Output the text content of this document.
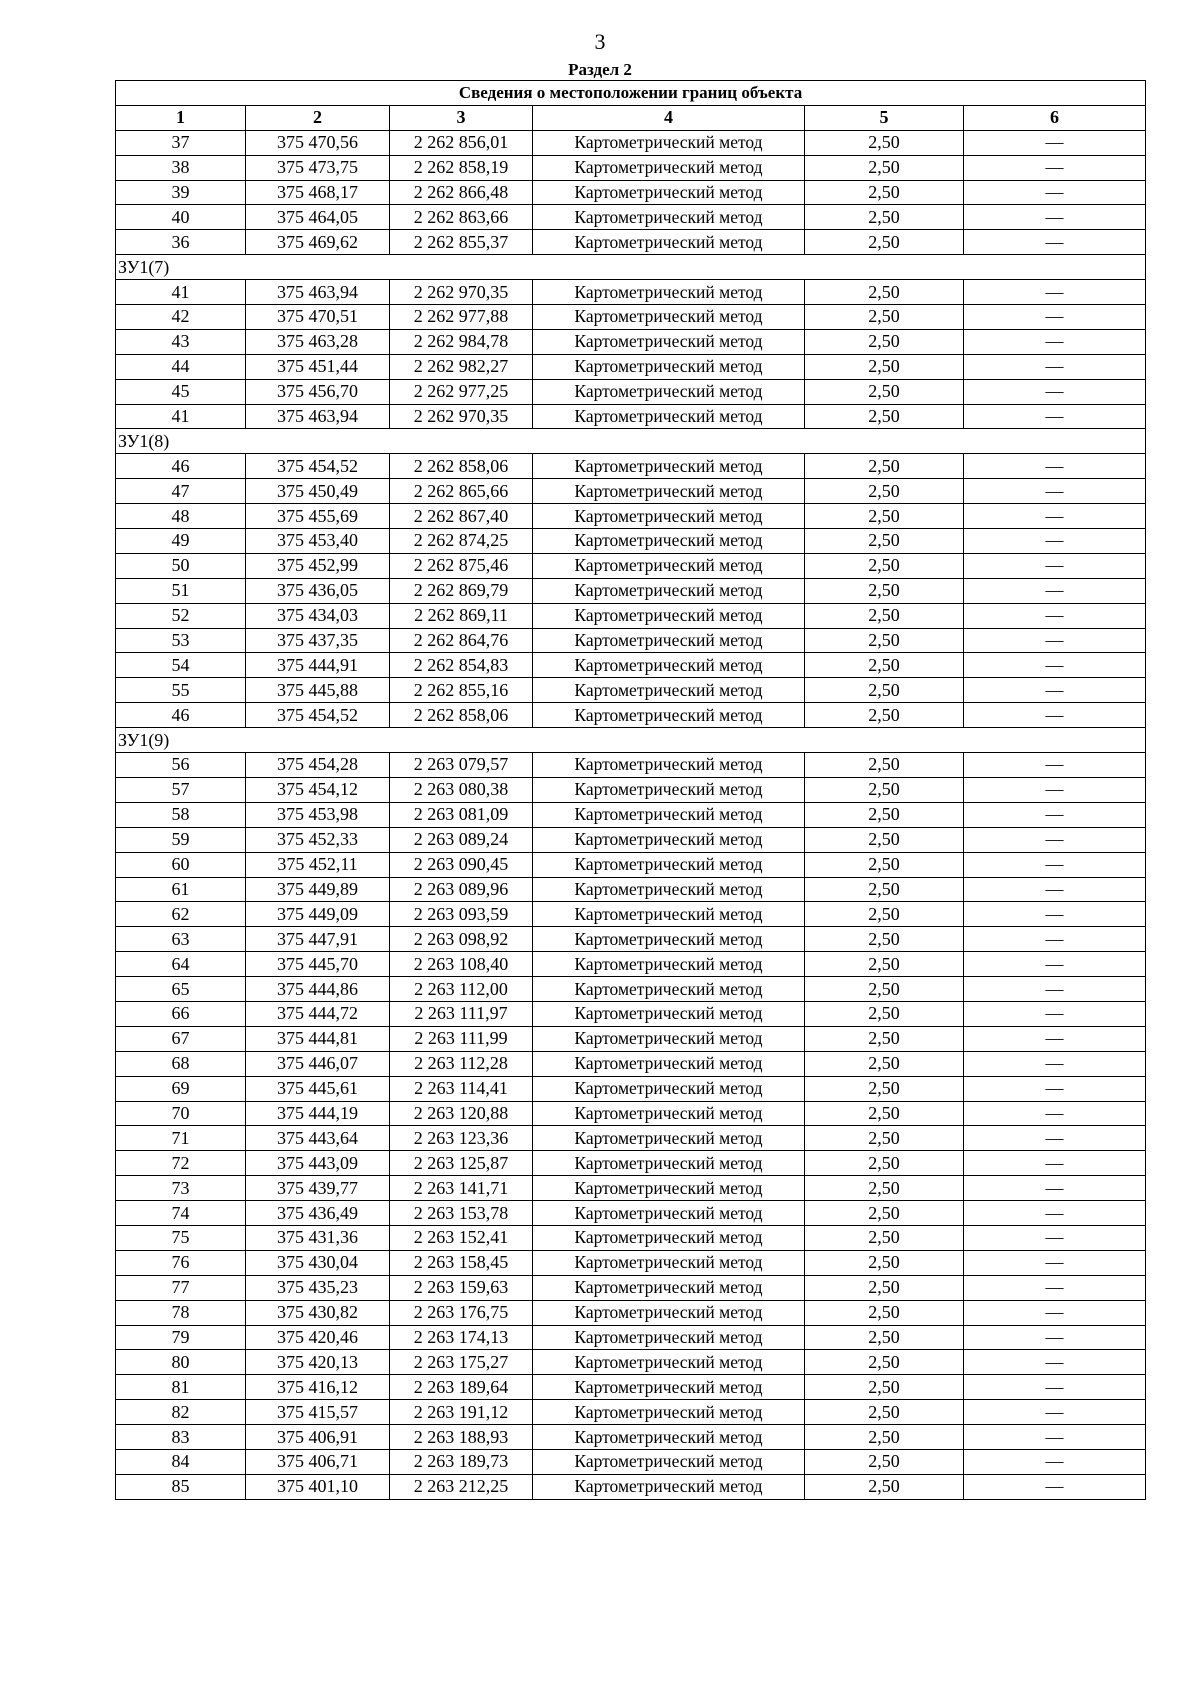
3
Раздел 2
Сведения о местоположении границ объекта					
1	2	3	4	5	6
37	375 470,56	2 262 856,01	Картометрический метод	2,50	—
38	375 473,75	2 262 858,19	Картометрический метод	2,50	—
39	375 468,17	2 262 866,48	Картометрический метод	2,50	—
40	375 464,05	2 262 863,66	Картометрический метод	2,50	—
36	375 469,62	2 262 855,37	Картометрический метод	2,50	—
ЗУ1(7)					
41	375 463,94	2 262 970,35	Картометрический метод	2,50	—
42	375 470,51	2 262 977,88	Картометрический метод	2,50	—
43	375 463,28	2 262 984,78	Картометрический метод	2,50	—
44	375 451,44	2 262 982,27	Картометрический метод	2,50	—
45	375 456,70	2 262 977,25	Картометрический метод	2,50	—
41	375 463,94	2 262 970,35	Картометрический метод	2,50	—
ЗУ1(8)					
46	375 454,52	2 262 858,06	Картометрический метод	2,50	—
47	375 450,49	2 262 865,66	Картометрический метод	2,50	—
48	375 455,69	2 262 867,40	Картометрический метод	2,50	—
49	375 453,40	2 262 874,25	Картометрический метод	2,50	—
50	375 452,99	2 262 875,46	Картометрический метод	2,50	—
51	375 436,05	2 262 869,79	Картометрический метод	2,50	—
52	375 434,03	2 262 869,11	Картометрический метод	2,50	—
53	375 437,35	2 262 864,76	Картометрический метод	2,50	—
54	375 444,91	2 262 854,83	Картометрический метод	2,50	—
55	375 445,88	2 262 855,16	Картометрический метод	2,50	—
46	375 454,52	2 262 858,06	Картометрический метод	2,50	—
ЗУ1(9)					
56	375 454,28	2 263 079,57	Картометрический метод	2,50	—
57	375 454,12	2 263 080,38	Картометрический метод	2,50	—
58	375 453,98	2 263 081,09	Картометрический метод	2,50	—
59	375 452,33	2 263 089,24	Картометрический метод	2,50	—
60	375 452,11	2 263 090,45	Картометрический метод	2,50	—
61	375 449,89	2 263 089,96	Картометрический метод	2,50	—
62	375 449,09	2 263 093,59	Картометрический метод	2,50	—
63	375 447,91	2 263 098,92	Картометрический метод	2,50	—
64	375 445,70	2 263 108,40	Картометрический метод	2,50	—
65	375 444,86	2 263 112,00	Картометрический метод	2,50	—
66	375 444,72	2 263 111,97	Картометрический метод	2,50	—
67	375 444,81	2 263 111,99	Картометрический метод	2,50	—
68	375 446,07	2 263 112,28	Картометрический метод	2,50	—
69	375 445,61	2 263 114,41	Картометрический метод	2,50	—
70	375 444,19	2 263 120,88	Картометрический метод	2,50	—
71	375 443,64	2 263 123,36	Картометрический метод	2,50	—
72	375 443,09	2 263 125,87	Картометрический метод	2,50	—
73	375 439,77	2 263 141,71	Картометрический метод	2,50	—
74	375 436,49	2 263 153,78	Картометрический метод	2,50	—
75	375 431,36	2 263 152,41	Картометрический метод	2,50	—
76	375 430,04	2 263 158,45	Картометрический метод	2,50	—
77	375 435,23	2 263 159,63	Картометрический метод	2,50	—
78	375 430,82	2 263 176,75	Картометрический метод	2,50	—
79	375 420,46	2 263 174,13	Картометрический метод	2,50	—
80	375 420,13	2 263 175,27	Картометрический метод	2,50	—
81	375 416,12	2 263 189,64	Картометрический метод	2,50	—
82	375 415,57	2 263 191,12	Картометрический метод	2,50	—
83	375 406,91	2 263 188,93	Картометрический метод	2,50	—
84	375 406,71	2 263 189,73	Картометрический метод	2,50	—
85	375 401,10	2 263 212,25	Картометрический метод	2,50	—
